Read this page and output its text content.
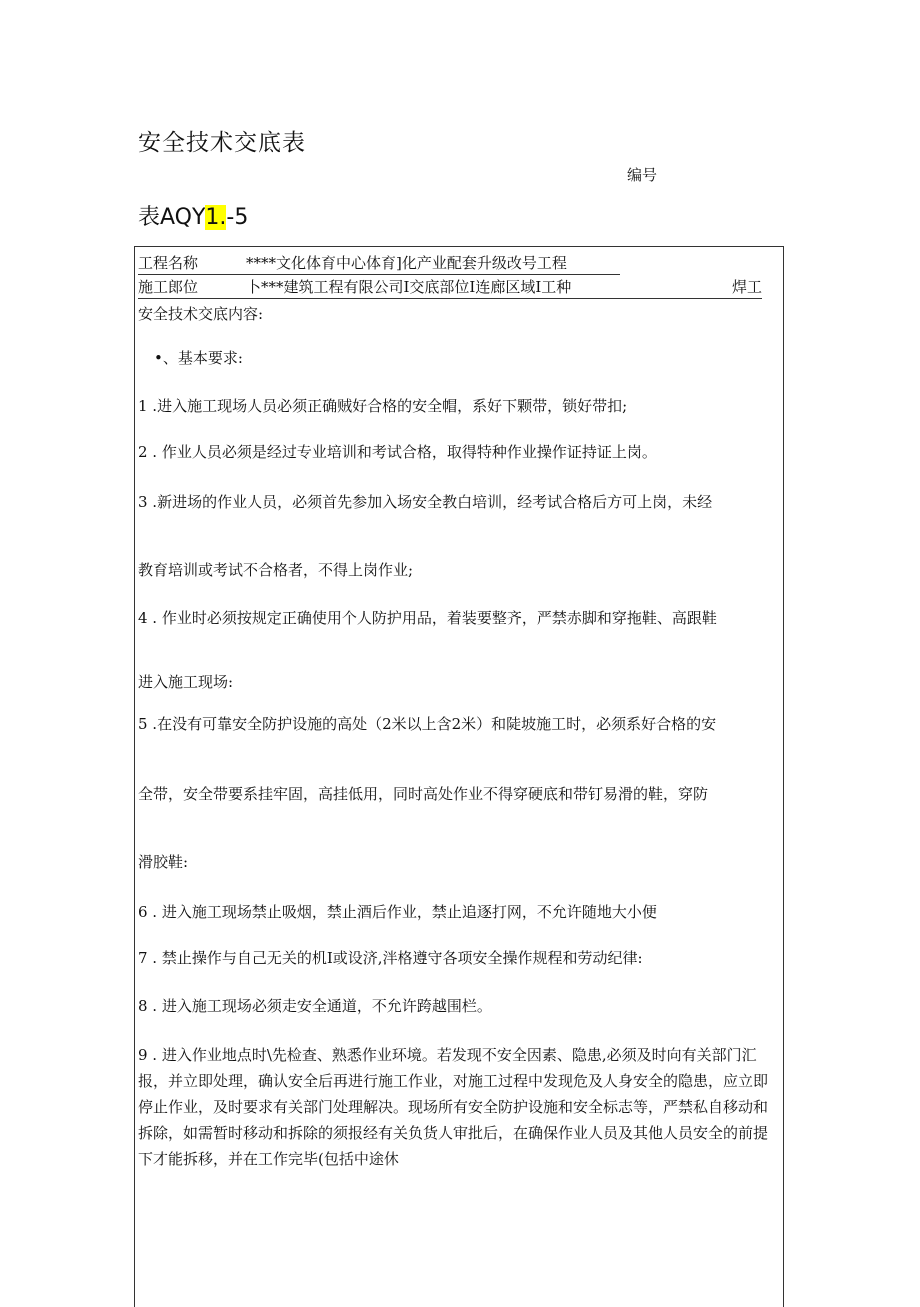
安全技术交底表
编号
表AQY1.-5
工程名称	****文化体育中心体育]化产业配套升级改号工程
施工郎位	卜***建筑工程有限公司I交底部位I连廊区域I工种	焊工
安全技术交底内容:
•、基本要求:
1 .进入施工现场人员必须正确贼好合格的安全帽，系好下颗带，锁好带扣;
2 . 作业人员必须是经过专业培训和考试合格，取得特种作业操作证持证上岗。
3 .新进场的作业人员，必须首先参加入场安全教白培训，经考试合格后方可上岗，未经
教育培训或考试不合格者，不得上岗作业;
4 . 作业时必须按规定正确使用个人防护用品，着装要整齐，严禁赤脚和穿拖鞋、高跟鞋
进入施工现场:
5 .在没有可靠安全防护设施的高处（2米以上含2米）和陡坡施工时，必须系好合格的安
全带，安全带要系挂牢固，高挂低用，同时高处作业不得穿硬底和带钉易滑的鞋，穿防
滑胶鞋:
6 . 进入施工现场禁止吸烟，禁止酒后作业，禁止追逐打网，不允许随地大小便
7 . 禁止操作与自己无关的机I或设济,泮格遵守各项安全操作规程和劳动纪律:
8 . 进入施工现场必须走安全通道，不允许跨越围栏。
9 . 进入作业地点时\先检查、熟悉作业环境。若发现不安全因素、隐患,必须及时向有关部门汇报，并立即处理，确认安全后再进行施工作业，对施工过程中发现危及人身安全的隐患，应立即停止作业，及时要求有关部门处理解决。现场所有安全防护设施和安全标志等，严禁私自移动和拆除，如需暂时移动和拆除的须报经有关负货人审批后，在确保作业人员及其他人员安全的前提下才能拆移，并在工作完毕(包括中途休
